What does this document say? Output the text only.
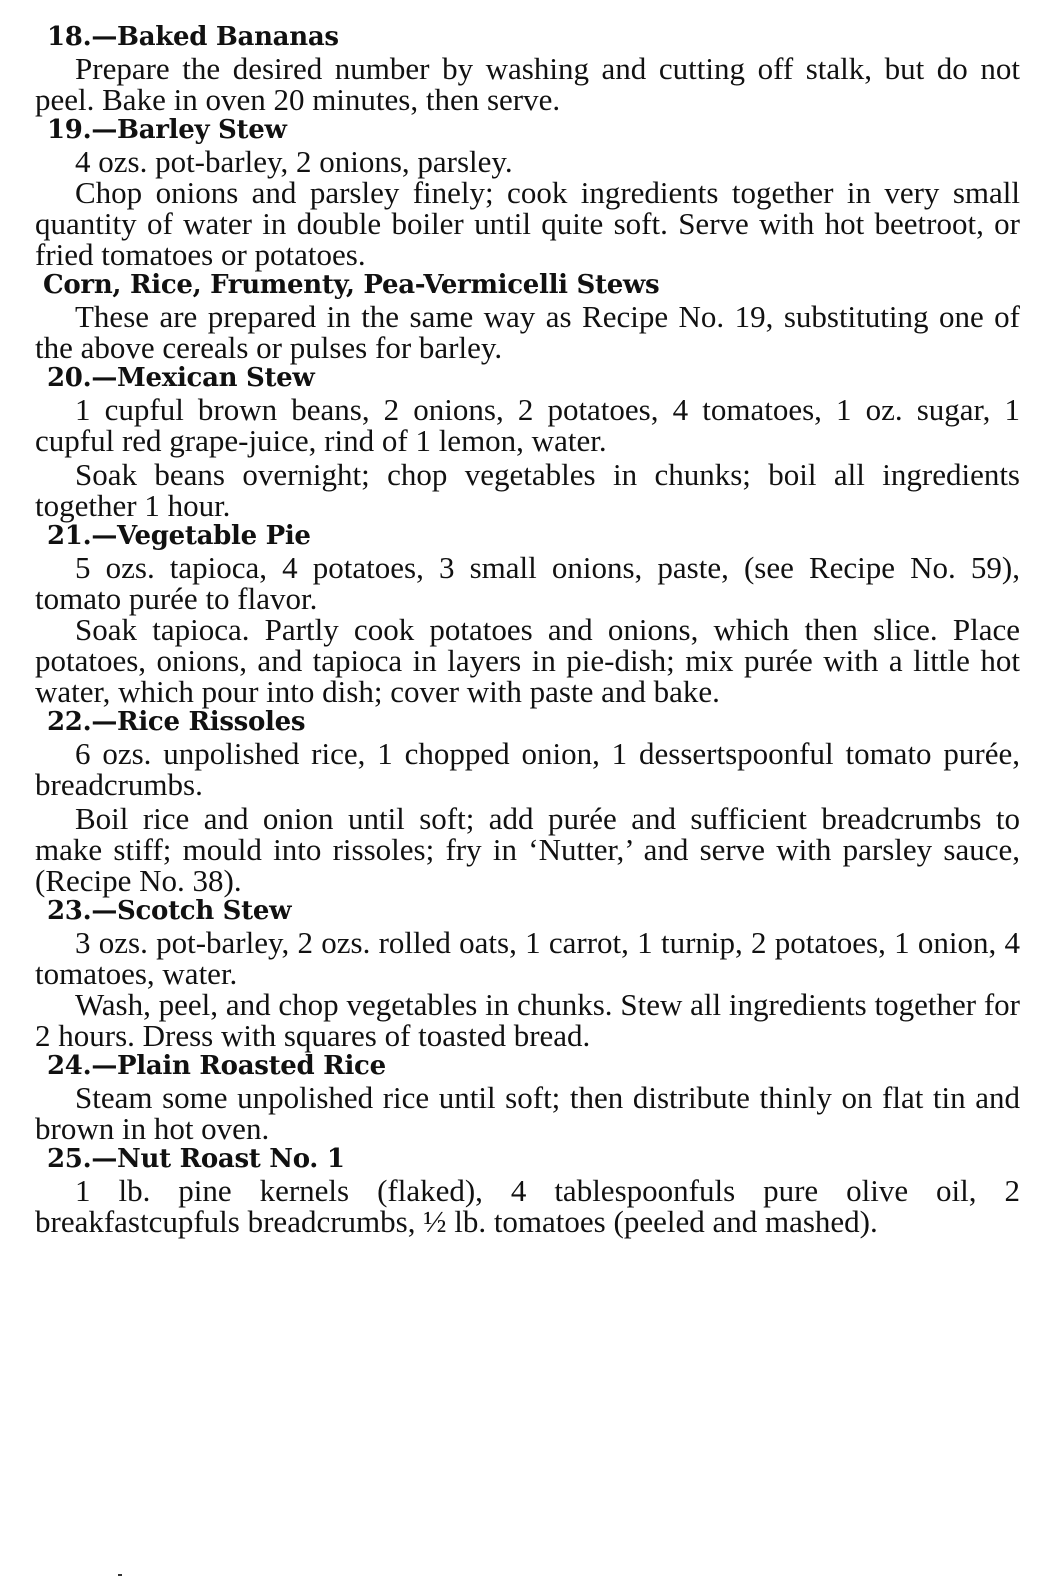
18.—Baked Bananas

Prepare the desired number by washing and cutting off stalk, but do not peel. Bake in oven 20 minutes, then serve.

19.—Barley Stew

4 ozs. pot-barley, 2 onions, parsley.

Chop onions and parsley finely; cook ingredients together in very small quantity of water in double boiler until quite soft. Serve with hot beetroot, or fried tomatoes or potatoes.

Corn, Rice, Frumenty, Pea-Vermicelli Stews

These are prepared in the same way as Recipe No. 19, substituting one of the above cereals or pulses for barley.

20.—Mexican Stew

1 cupful brown beans, 2 onions, 2 potatoes, 4 tomatoes, 1 oz. sugar, 1 cupful red grape-juice, rind of 1 lemon, water.

Soak beans overnight; chop vegetables in chunks; boil all ingredients together 1 hour.

21.—Vegetable Pie

5 ozs. tapioca, 4 potatoes, 3 small onions, paste, (see Recipe No. 59), tomato purée to flavor.

Soak tapioca. Partly cook potatoes and onions, which then slice. Place potatoes, onions, and tapioca in layers in pie-dish; mix purée with a little hot water, which pour into dish; cover with paste and bake.

22.—Rice Rissoles

6 ozs. unpolished rice, 1 chopped onion, 1 dessertspoonful tomato purée, breadcrumbs.

Boil rice and onion until soft; add purée and sufficient breadcrumbs to make stiff; mould into rissoles; fry in ‘Nutter,’ and serve with parsley sauce, (Recipe No. 38).

23.—Scotch Stew

3 ozs. pot-barley, 2 ozs. rolled oats, 1 carrot, 1 turnip, 2 potatoes, 1 onion, 4 tomatoes, water.

Wash, peel, and chop vegetables in chunks. Stew all ingredients together for 2 hours. Dress with squares of toasted bread.

24.—Plain Roasted Rice

Steam some unpolished rice until soft; then distribute thinly on flat tin and brown in hot oven.

25.—Nut Roast No. 1

1 lb. pine kernels (flaked), 4 tablespoonfuls pure olive oil, 2 breakfastcupfuls breadcrumbs, ½ lb. tomatoes (peeled and mashed).
